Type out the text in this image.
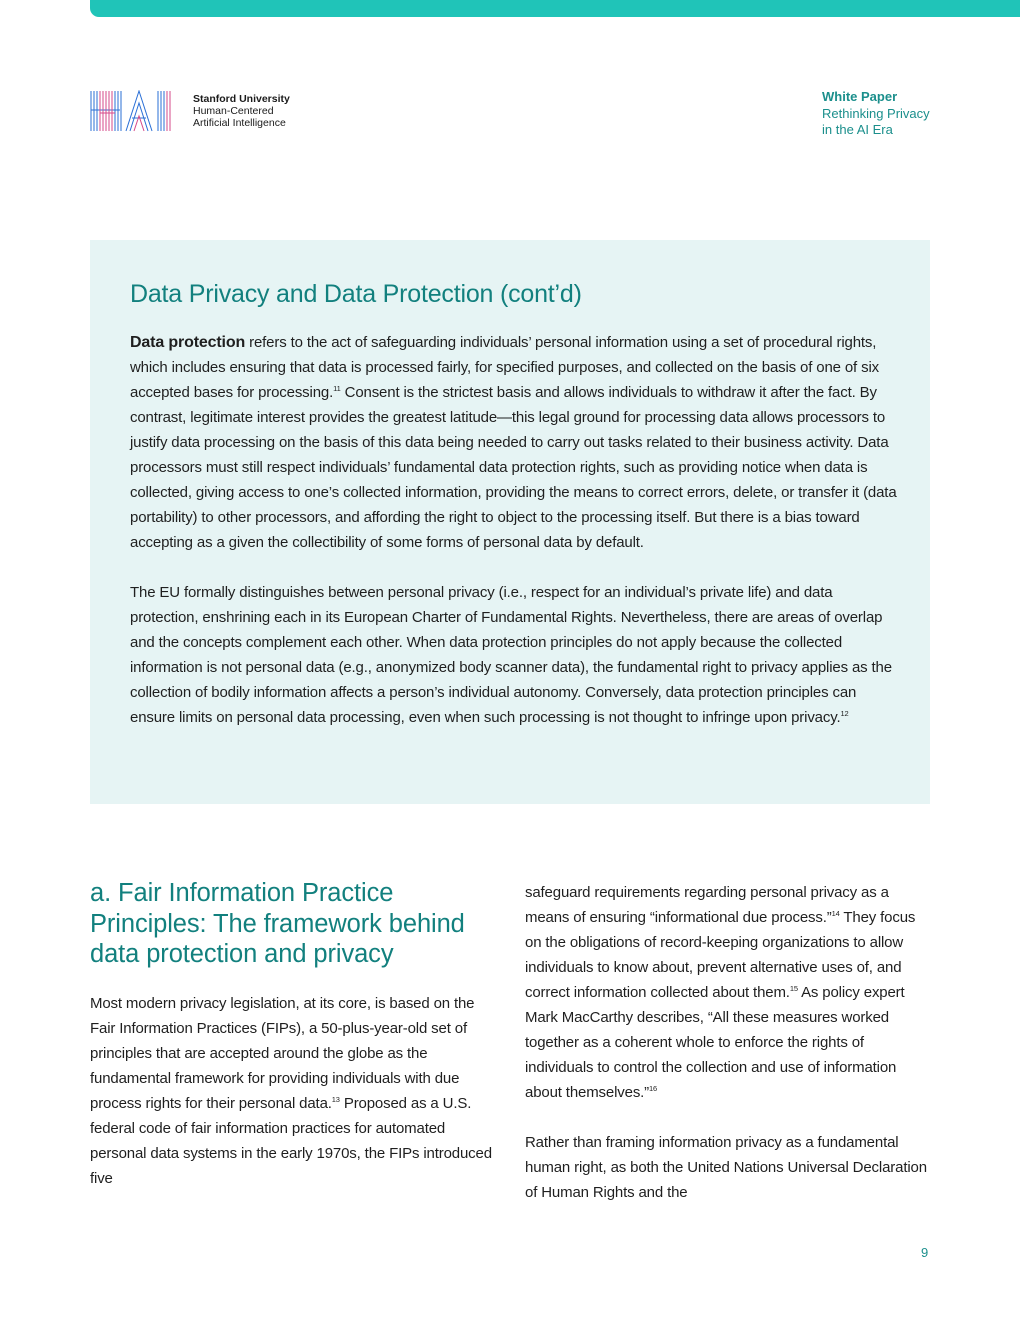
Stanford University
Human-Centered
Artificial Intelligence
White Paper
Rethinking Privacy
in the AI Era
Data Privacy and Data Protection (cont’d)

Data protection refers to the act of safeguarding individuals’ personal information using a set of procedural rights, which includes ensuring that data is processed fairly, for specified purposes, and collected on the basis of one of six accepted bases for processing.$^{11}$ Consent is the strictest basis and allows individuals to withdraw it after the fact. By contrast, legitimate interest provides the greatest latitude—this legal ground for processing data allows processors to justify data processing on the basis of this data being needed to carry out tasks related to their business activity. Data processors must still respect individuals’ fundamental data protection rights, such as providing notice when data is collected, giving access to one’s collected information, providing the means to correct errors, delete, or transfer it (data portability) to other processors, and affording the right to object to the processing itself. But there is a bias toward accepting as a given the collectibility of some forms of personal data by default.

The EU formally distinguishes between personal privacy (i.e., respect for an individual’s private life) and data protection, enshrining each in its European Charter of Fundamental Rights. Nevertheless, there are areas of overlap and the concepts complement each other. When data protection principles do not apply because the collected information is not personal data (e.g., anonymized body scanner data), the fundamental right to privacy applies as the collection of bodily information affects a person’s individual autonomy. Conversely, data protection principles can ensure limits on personal data processing, even when such processing is not thought to infringe upon privacy.$^{12}$

a. Fair Information Practice Principles: The framework behind data protection and privacy

Most modern privacy legislation, at its core, is based on the Fair Information Practices (FIPs), a 50-plus-year-old set of principles that are accepted around the globe as the fundamental framework for providing individuals with due process rights for their personal data.$^{13}$ Proposed as a U.S. federal code of fair information practices for automated personal data systems in the early 1970s, the FIPs introduced five

safeguard requirements regarding personal privacy as a means of ensuring “informational due process.”$^{14}$ They focus on the obligations of record-keeping organizations to allow individuals to know about, prevent alternative uses of, and correct information collected about them.$^{15}$ As policy expert Mark MacCarthy describes, “All these measures worked together as a coherent whole to enforce the rights of individuals to control the collection and use of information about themselves.”$^{16}$

Rather than framing information privacy as a fundamental human right, as both the United Nations Universal Declaration of Human Rights and the

9
